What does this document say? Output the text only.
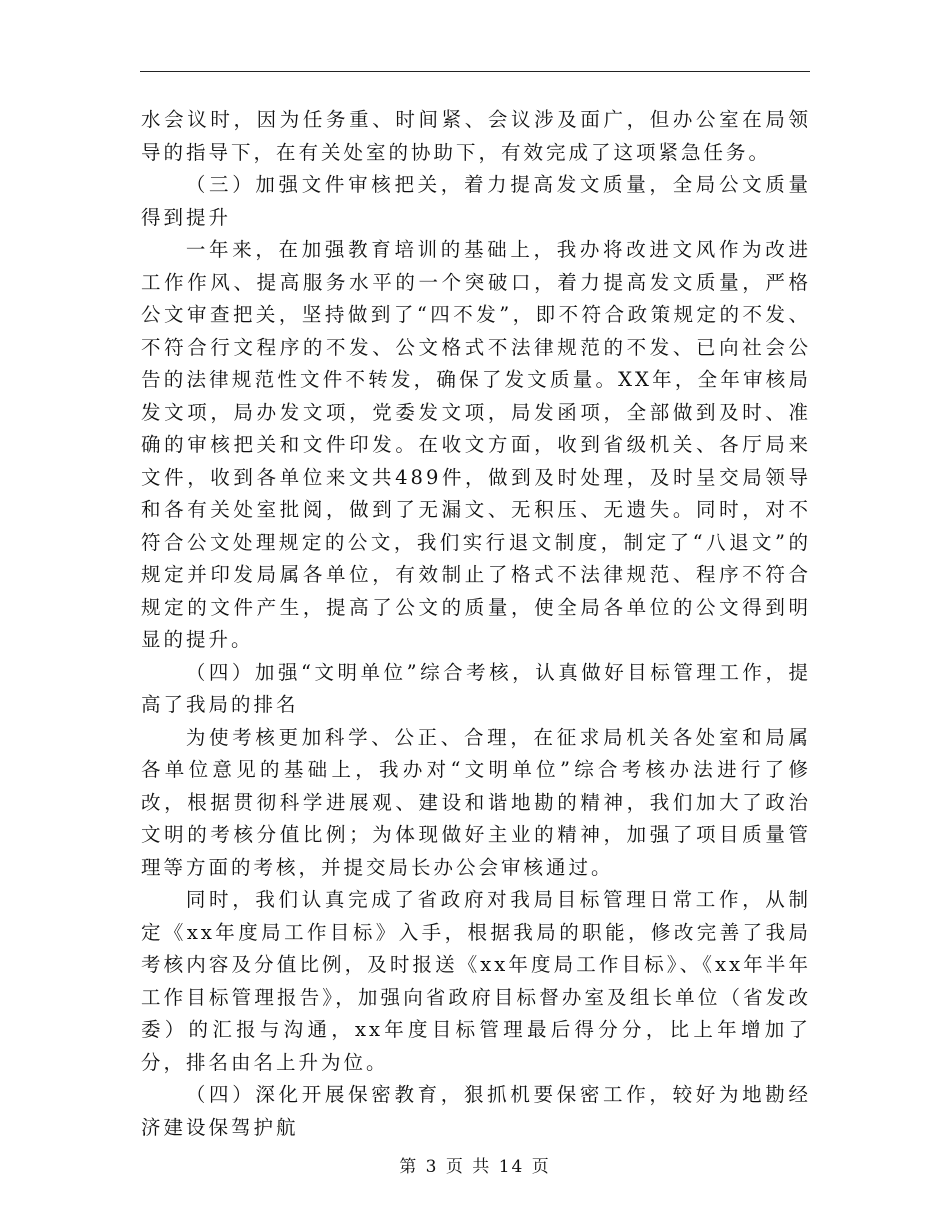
水会议时，因为任务重、时间紧、会议涉及面广，但办公室在局领导的指导下，在有关处室的协助下，有效完成了这项紧急任务。

（三）加强文件审核把关，着力提高发文质量，全局公文质量得到提升

一年来，在加强教育培训的基础上，我办将改进文风作为改进工作作风、提高服务水平的一个突破口，着力提高发文质量，严格公文审查把关，坚持做到了“四不发”，即不符合政策规定的不发、不符合行文程序的不发、公文格式不法律规范的不发、已向社会公告的法律规范性文件不转发，确保了发文质量。XX年，全年审核局发文项，局办发文项，党委发文项，局发函项，全部做到及时、准确的审核把关和文件印发。在收文方面，收到省级机关、各厅局来文件，收到各单位来文共489件，做到及时处理，及时呈交局领导和各有关处室批阅，做到了无漏文、无积压、无遗失。同时，对不符合公文处理规定的公文，我们实行退文制度，制定了“八退文”的规定并印发局属各单位，有效制止了格式不法律规范、程序不符合规定的文件产生，提高了公文的质量，使全局各单位的公文得到明显的提升。

（四）加强“文明单位”综合考核，认真做好目标管理工作，提高了我局的排名

为使考核更加科学、公正、合理，在征求局机关各处室和局属各单位意见的基础上，我办对“文明单位”综合考核办法进行了修改，根据贯彻科学进展观、建设和谐地勘的精神，我们加大了政治文明的考核分值比例；为体现做好主业的精神，加强了项目质量管理等方面的考核，并提交局长办公会审核通过。

同时，我们认真完成了省政府对我局目标管理日常工作，从制定《xx年度局工作目标》入手，根据我局的职能，修改完善了我局考核内容及分值比例，及时报送《xx年度局工作目标》、《xx年半年工作目标管理报告》，加强向省政府目标督办室及组长单位（省发改委）的汇报与沟通，xx年度目标管理最后得分分，比上年增加了分，排名由名上升为位。

（四）深化开展保密教育，狠抓机要保密工作，较好为地勘经济建设保驾护航

第 3 页 共 14 页
